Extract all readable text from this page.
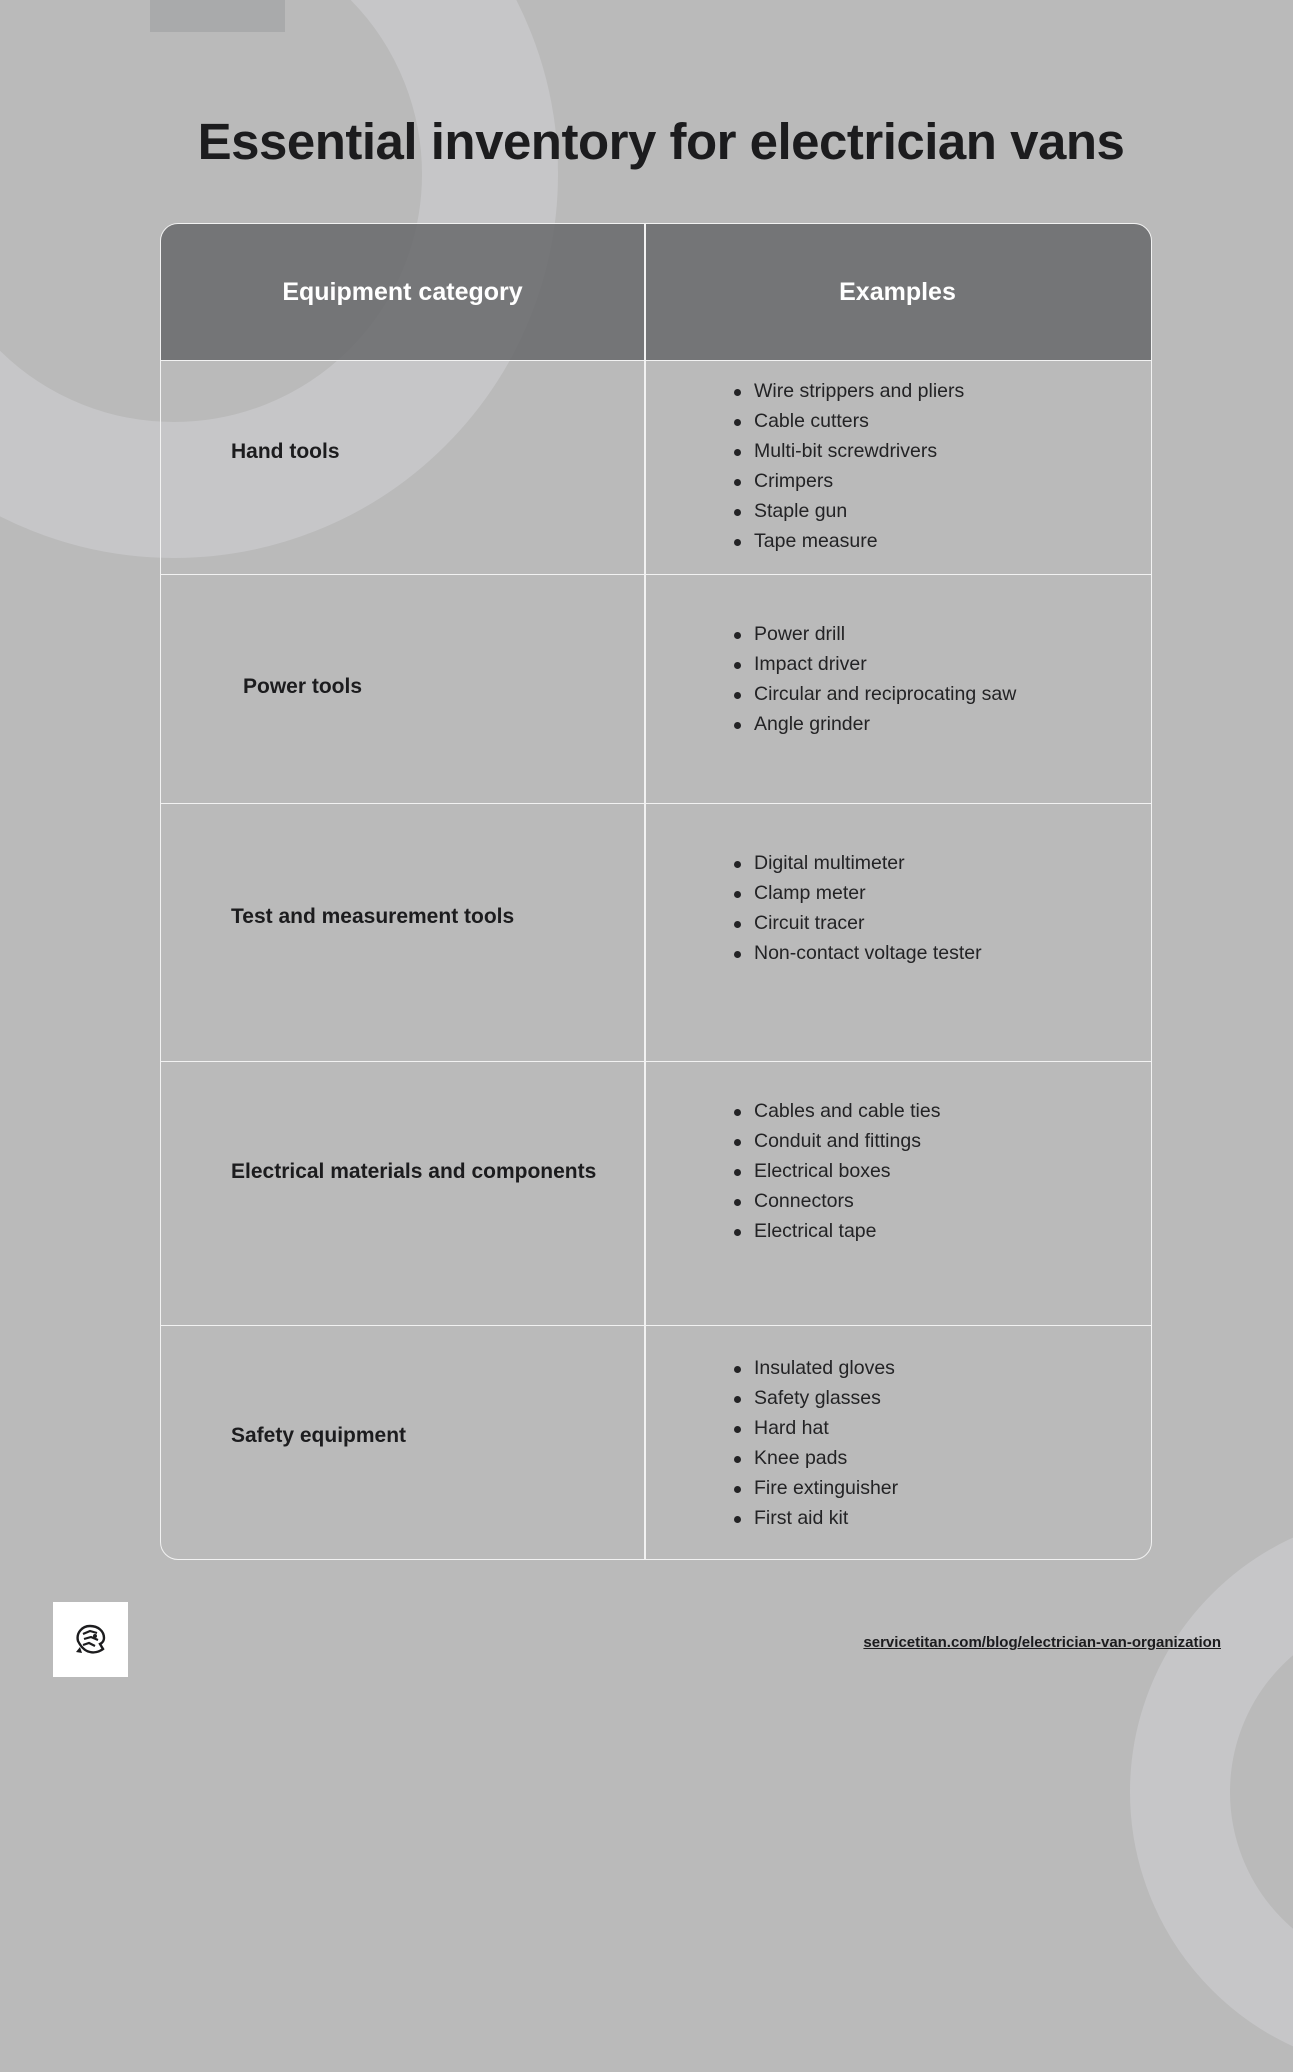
Essential inventory for electrician vans
Equipment category	Examples
Hand tools
Wire strippers and pliers
Cable cutters
Multi-bit screwdrivers
Crimpers
Staple gun
Tape measure
Power tools
Power drill
Impact driver
Circular and reciprocating saw
Angle grinder
Test and measurement tools
Digital multimeter
Clamp meter
Circuit tracer
Non-contact voltage tester
Electrical materials and components
Cables and cable ties
Conduit and fittings
Electrical boxes
Connectors
Electrical tape
Safety equipment
Insulated gloves
Safety glasses
Hard hat
Knee pads
Fire extinguisher
First aid kit
servicetitan.com/blog/electrician-van-organization
